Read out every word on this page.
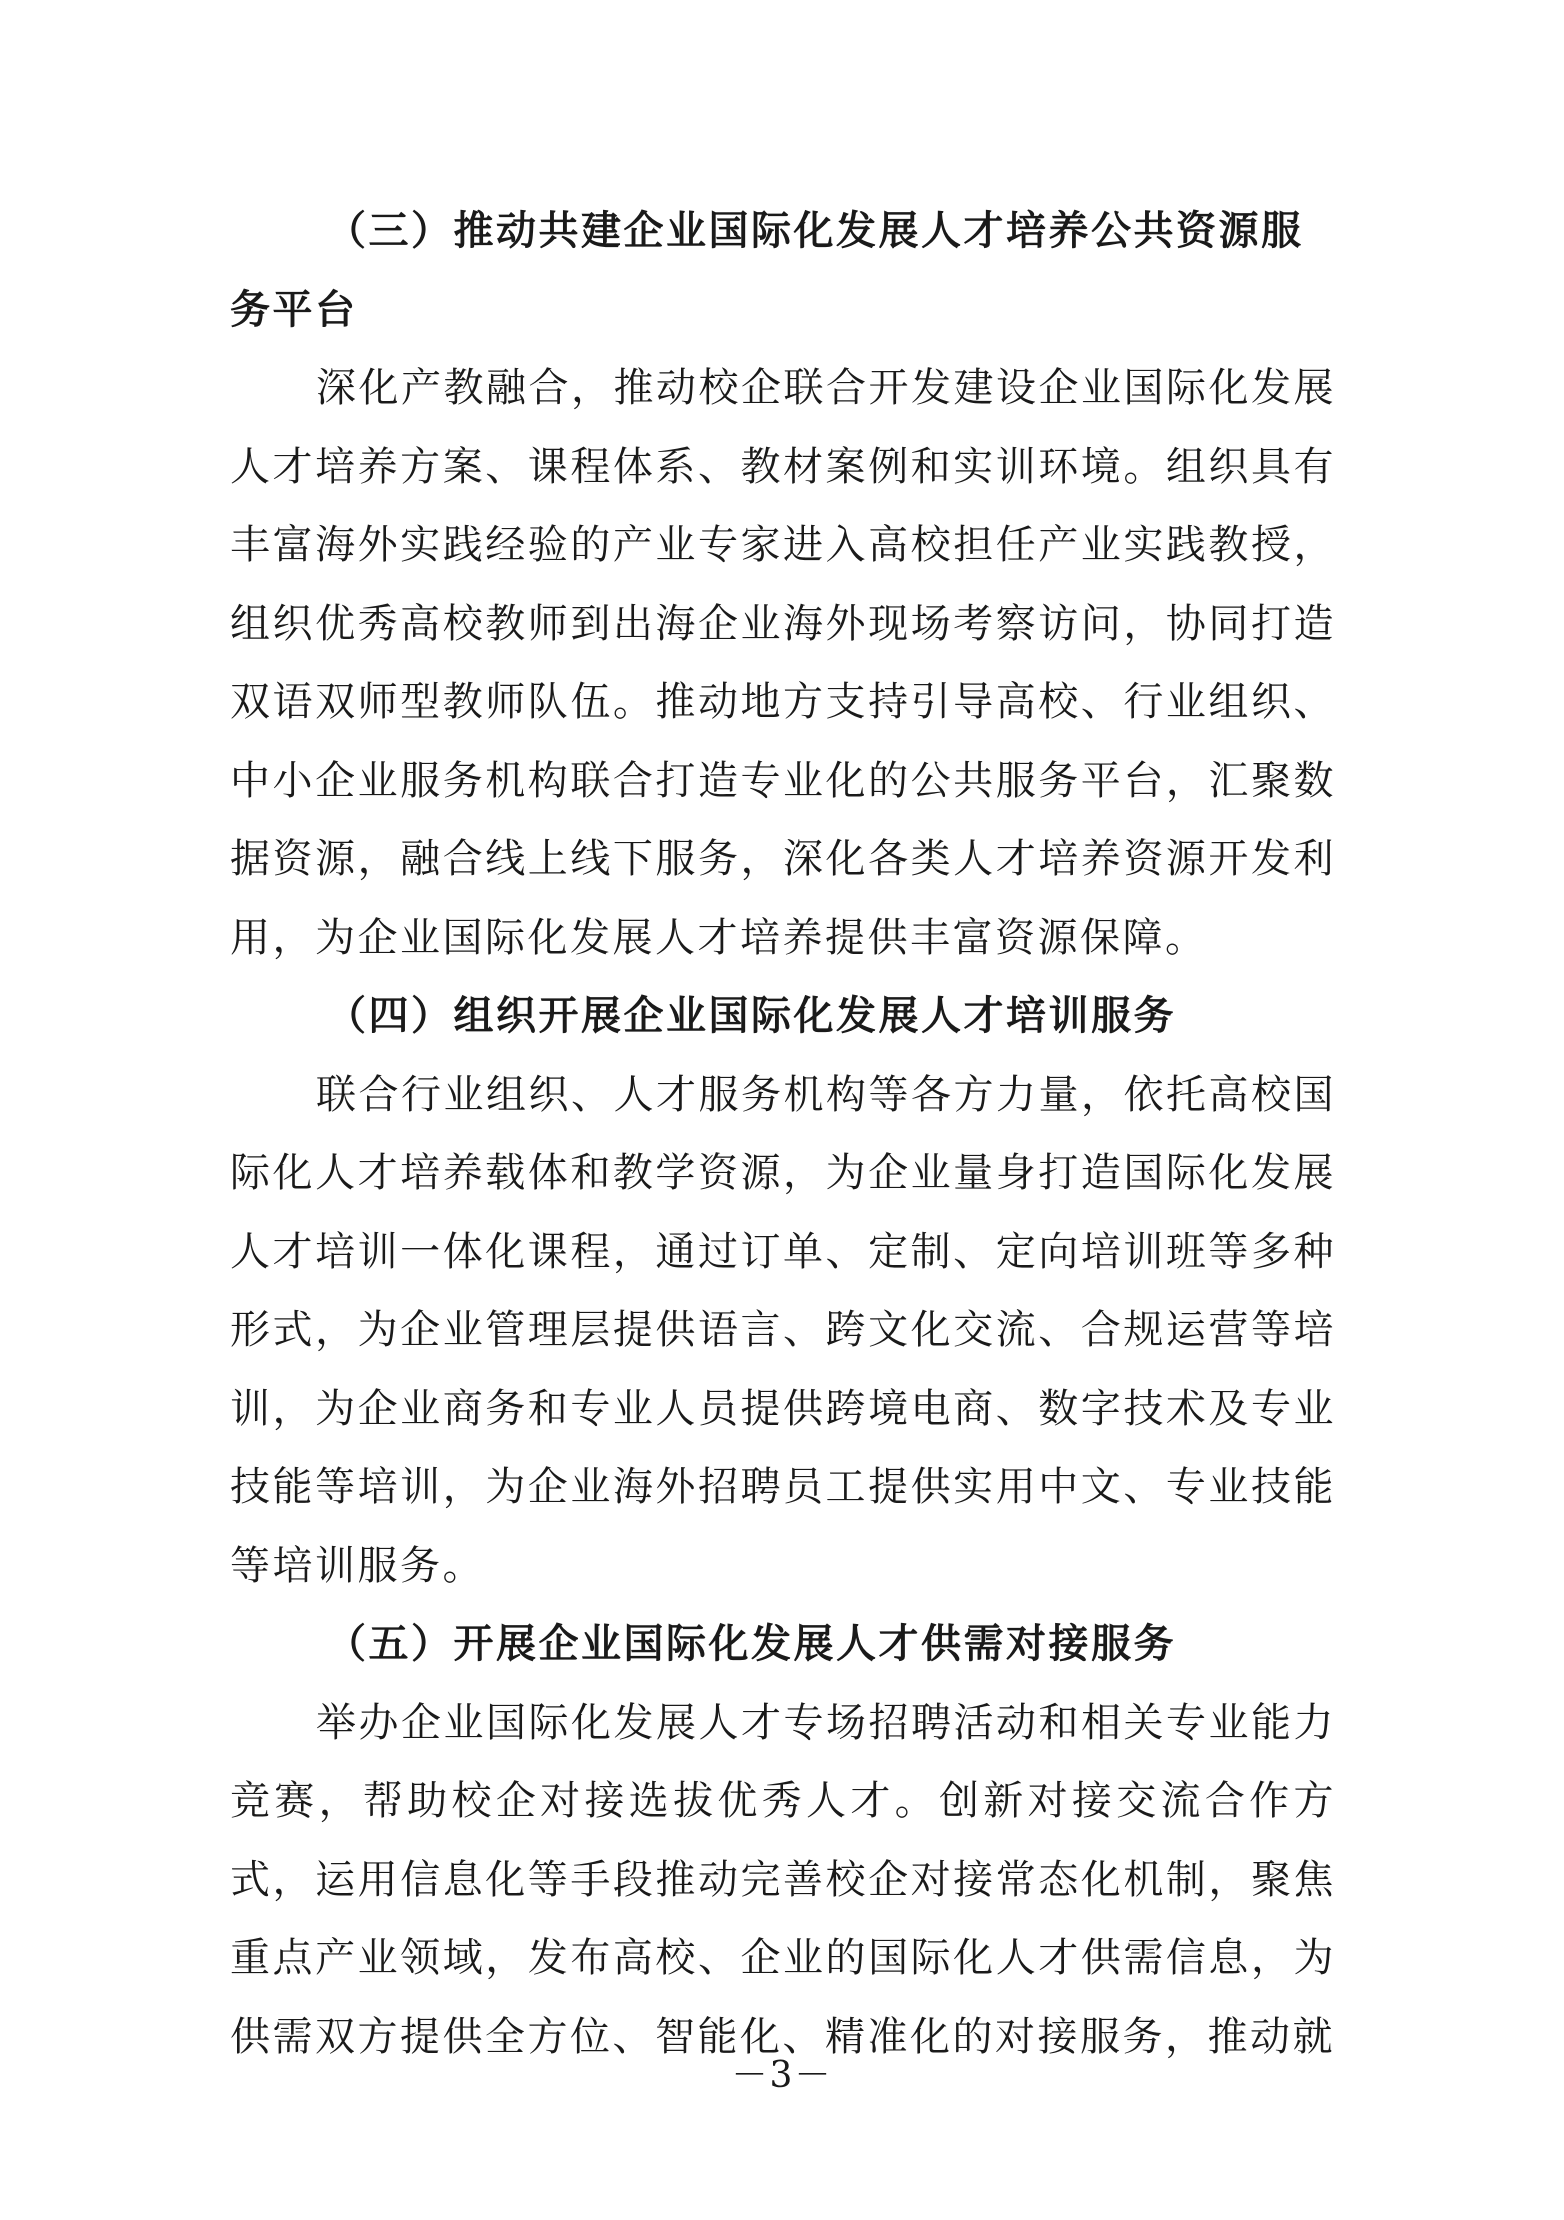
（三）推动共建企业国际化发展人才培养公共资源服务平台

深化产教融合，推动校企联合开发建设企业国际化发展人才培养方案、课程体系、教材案例和实训环境。组织具有丰富海外实践经验的产业专家进入高校担任产业实践教授，组织优秀高校教师到出海企业海外现场考察访问，协同打造双语双师型教师队伍。推动地方支持引导高校、行业组织、中小企业服务机构联合打造专业化的公共服务平台，汇聚数据资源，融合线上线下服务，深化各类人才培养资源开发利用，为企业国际化发展人才培养提供丰富资源保障。

（四）组织开展企业国际化发展人才培训服务

联合行业组织、人才服务机构等各方力量，依托高校国际化人才培养载体和教学资源，为企业量身打造国际化发展人才培训一体化课程，通过订单、定制、定向培训班等多种形式，为企业管理层提供语言、跨文化交流、合规运营等培训，为企业商务和专业人员提供跨境电商、数字技术及专业技能等培训，为企业海外招聘员工提供实用中文、专业技能等培训服务。

（五）开展企业国际化发展人才供需对接服务

举办企业国际化发展人才专场招聘活动和相关专业能力竞赛，帮助校企对接选拔优秀人才。创新对接交流合作方式，运用信息化等手段推动完善校企对接常态化机制，聚焦重点产业领域，发布高校、企业的国际化人才供需信息，为供需双方提供全方位、智能化、精准化的对接服务，推动就

－3－
